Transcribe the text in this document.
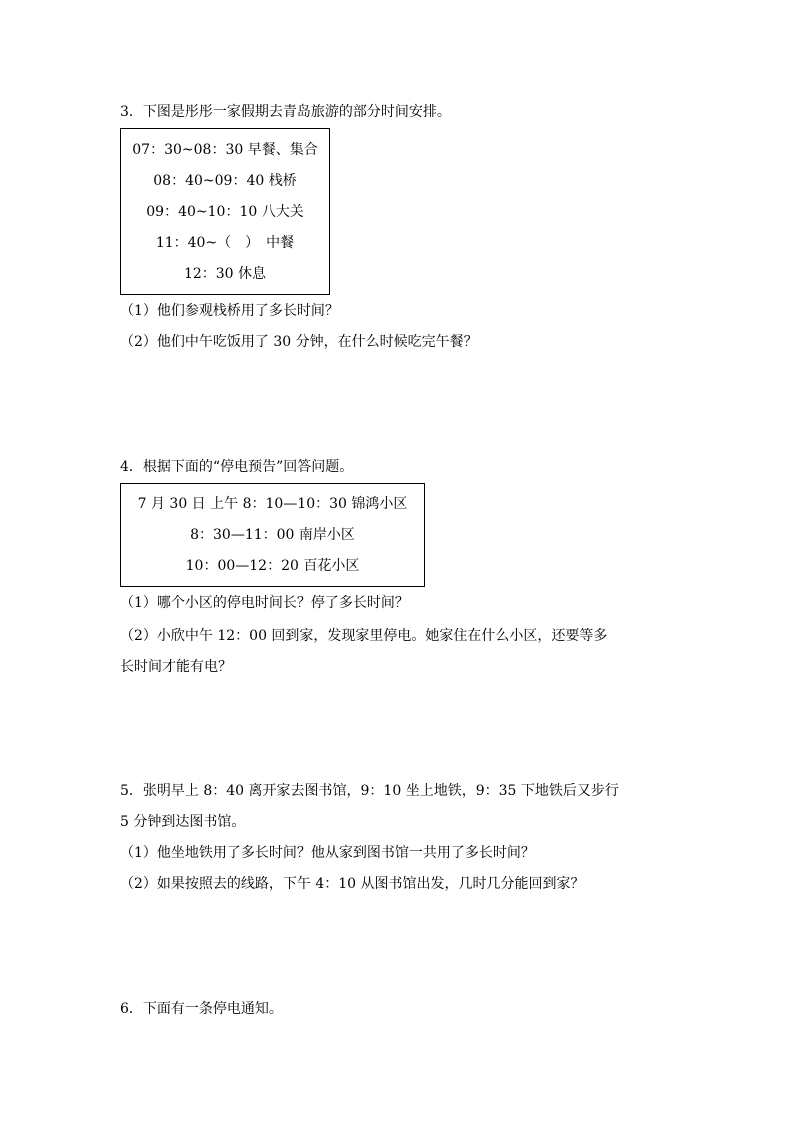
3．下图是彤彤一家假期去青岛旅游的部分时间安排。
07：30~08：30 早餐、集合
08：40~09：40 栈桥
09：40~10：10 八大关
11：40~（　）　中餐
12：30 休息
（1）他们参观栈桥用了多长时间？
（2）他们中午吃饭用了 30 分钟，在什么时候吃完午餐？
4．根据下面的“停电预告”回答问题。
7 月 30 日 上午 8：10—10：30 锦鸿小区
8：30—11：00 南岸小区
10：00—12：20 百花小区
（1）哪个小区的停电时间长？停了多长时间？
（2）小欣中午 12：00 回到家，发现家里停电。她家住在什么小区，还要等多
长时间才能有电？
5．张明早上 8：40 离开家去图书馆，9：10 坐上地铁，9：35 下地铁后又步行
5 分钟到达图书馆。
（1）他坐地铁用了多长时间？他从家到图书馆一共用了多长时间？
（2）如果按照去的线路，下午 4：10 从图书馆出发，几时几分能回到家？
6．下面有一条停电通知。
